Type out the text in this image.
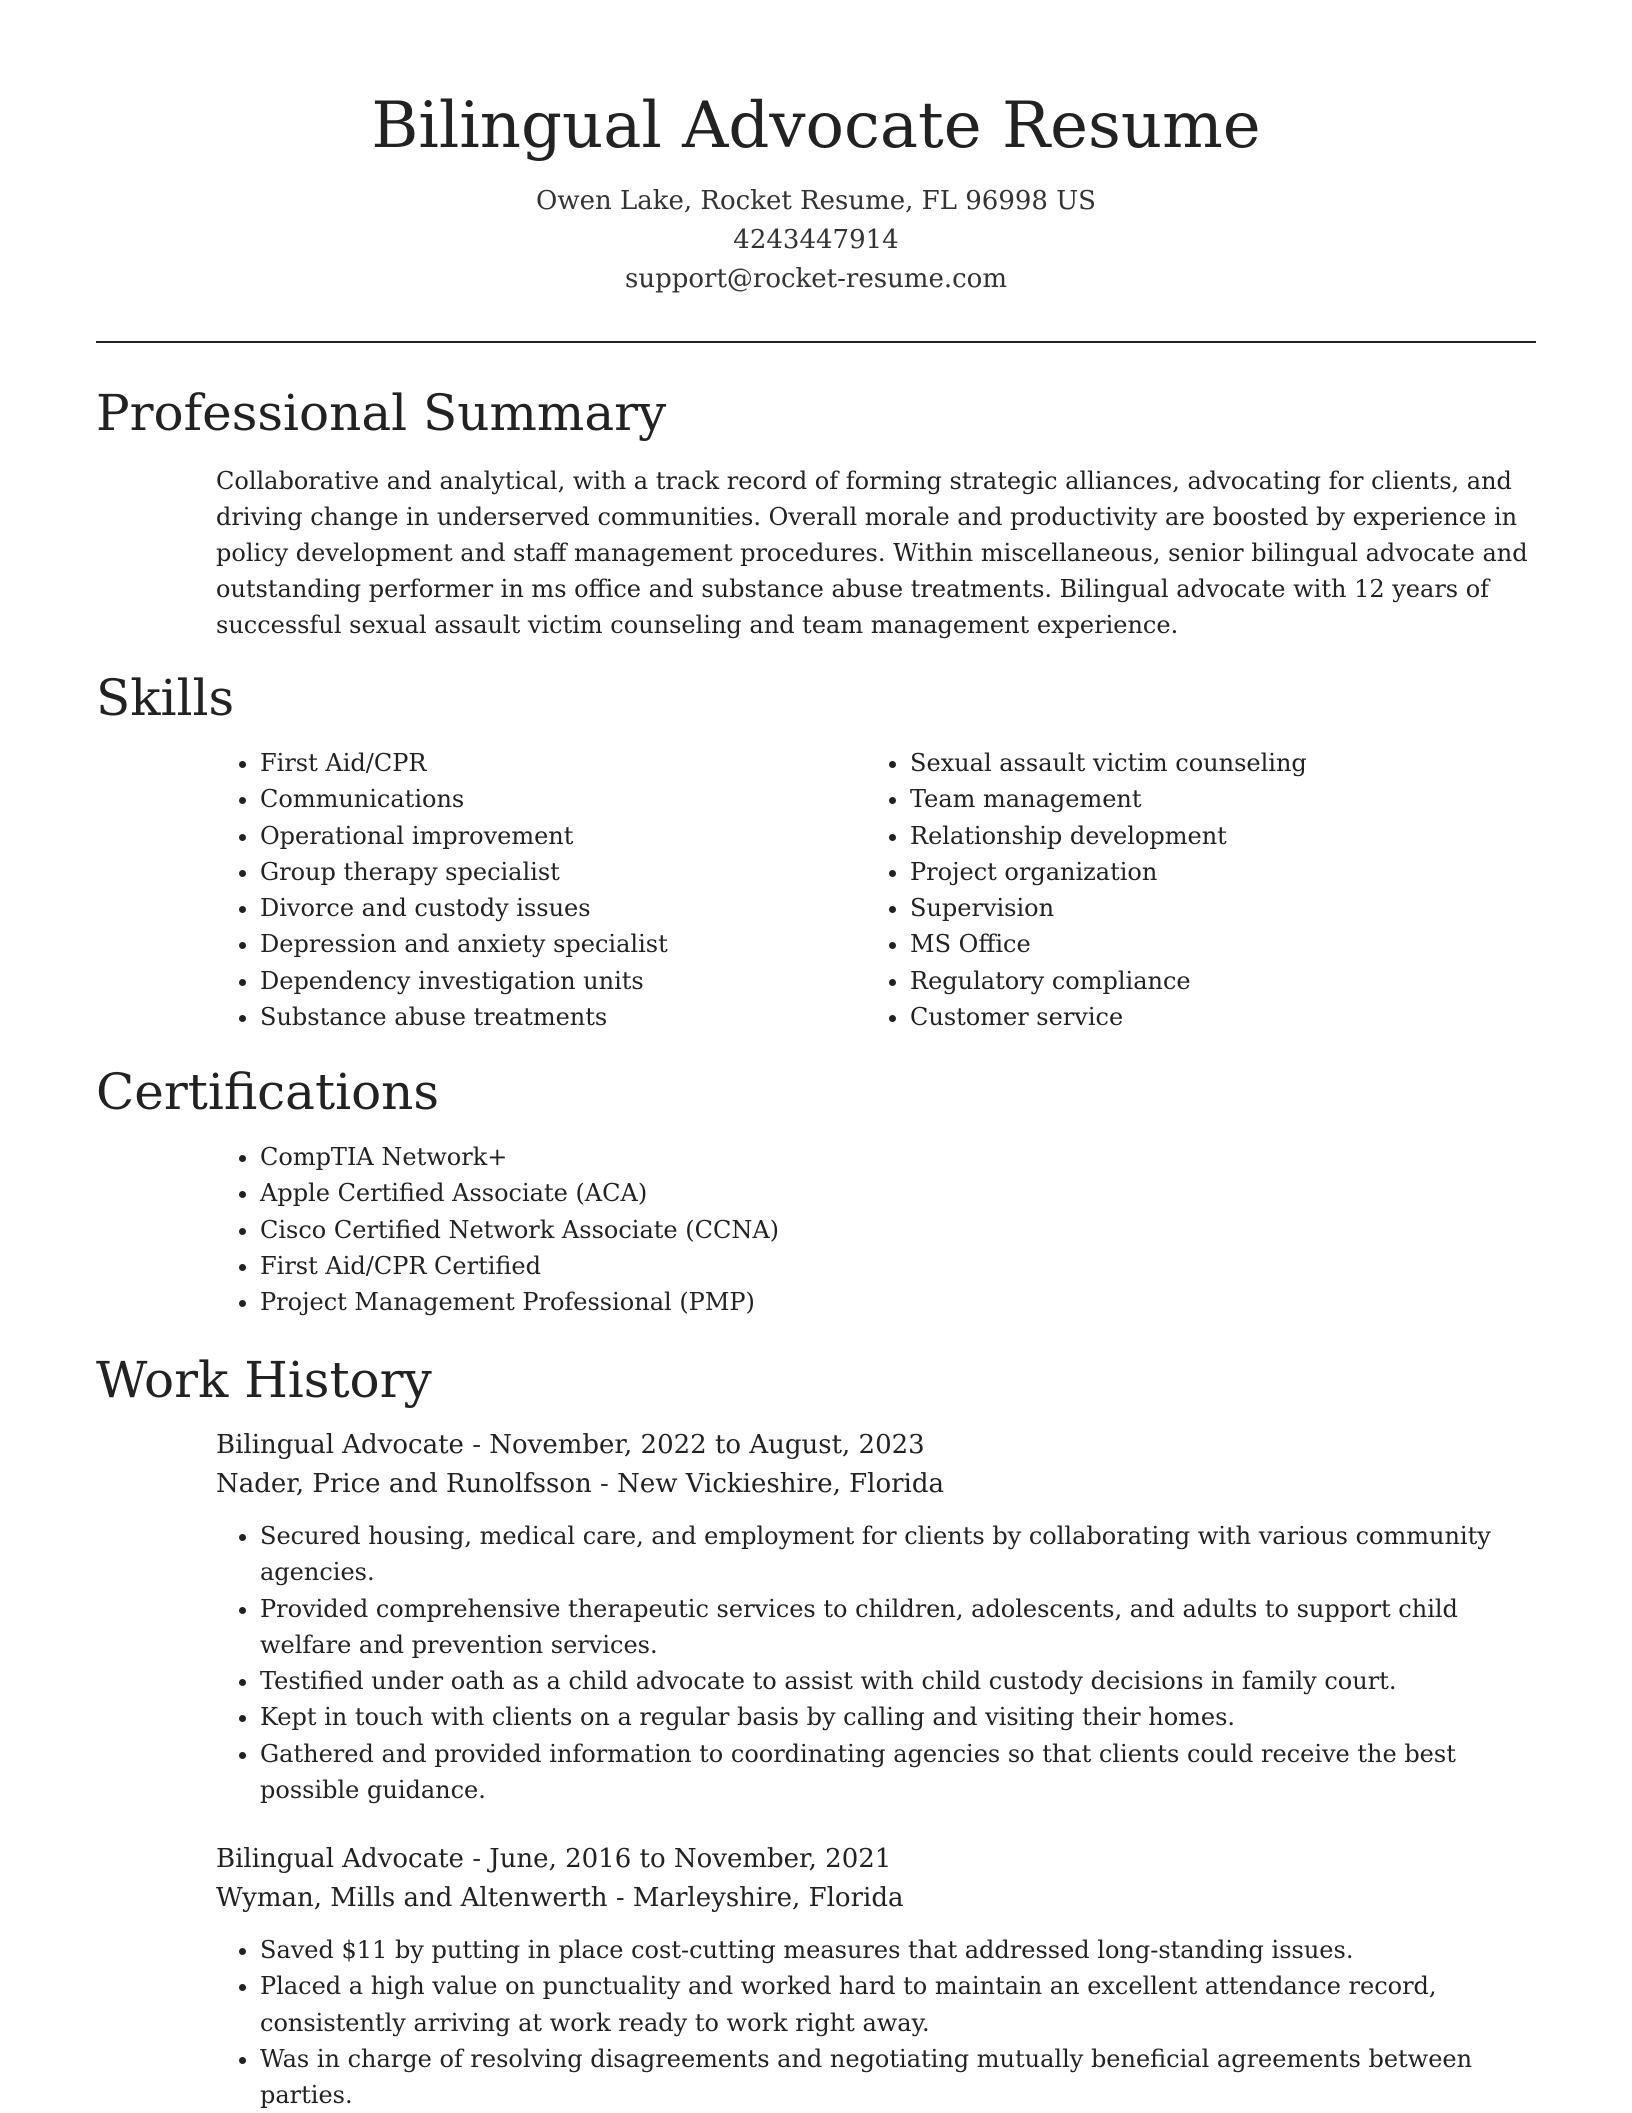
Bilingual Advocate Resume

Owen Lake, Rocket Resume, FL 96998 US

4243447914

support@rocket-resume.com

Professional Summary

Collaborative and analytical, with a track record of forming strategic alliances, advocating for clients, and driving change in underserved communities. Overall morale and productivity are boosted by experience in policy development and staff management procedures. Within miscellaneous, senior bilingual advocate and outstanding performer in ms office and substance abuse treatments. Bilingual advocate with 12 years of successful sexual assault victim counseling and team management experience.

Skills
• First Aid/CPR
• Communications
• Operational improvement
• Group therapy specialist
• Divorce and custody issues
• Depression and anxiety specialist
• Dependency investigation units
• Substance abuse treatments
• Sexual assault victim counseling
• Team management
• Relationship development
• Project organization
• Supervision
• MS Office
• Regulatory compliance
• Customer service
Certifications
• CompTIA Network+
• Apple Certified Associate (ACA)
• Cisco Certified Network Associate (CCNA)
• First Aid/CPR Certified
• Project Management Professional (PMP)
Work History

Bilingual Advocate - November, 2022 to August, 2023

Nader, Price and Runolfsson - New Vickieshire, Florida

• Secured housing, medical care, and employment for clients by collaborating with various community agencies.
• Provided comprehensive therapeutic services to children, adolescents, and adults to support child welfare and prevention services.
• Testified under oath as a child advocate to assist with child custody decisions in family court.
• Kept in touch with clients on a regular basis by calling and visiting their homes.
• Gathered and provided information to coordinating agencies so that clients could receive the best possible guidance.

Bilingual Advocate - June, 2016 to November, 2021

Wyman, Mills and Altenwerth - Marleyshire, Florida

• Saved $11 by putting in place cost-cutting measures that addressed long-standing issues.
• Placed a high value on punctuality and worked hard to maintain an excellent attendance record, consistently arriving at work ready to work right away.
• Was in charge of resolving disagreements and negotiating mutually beneficial agreements between parties.
